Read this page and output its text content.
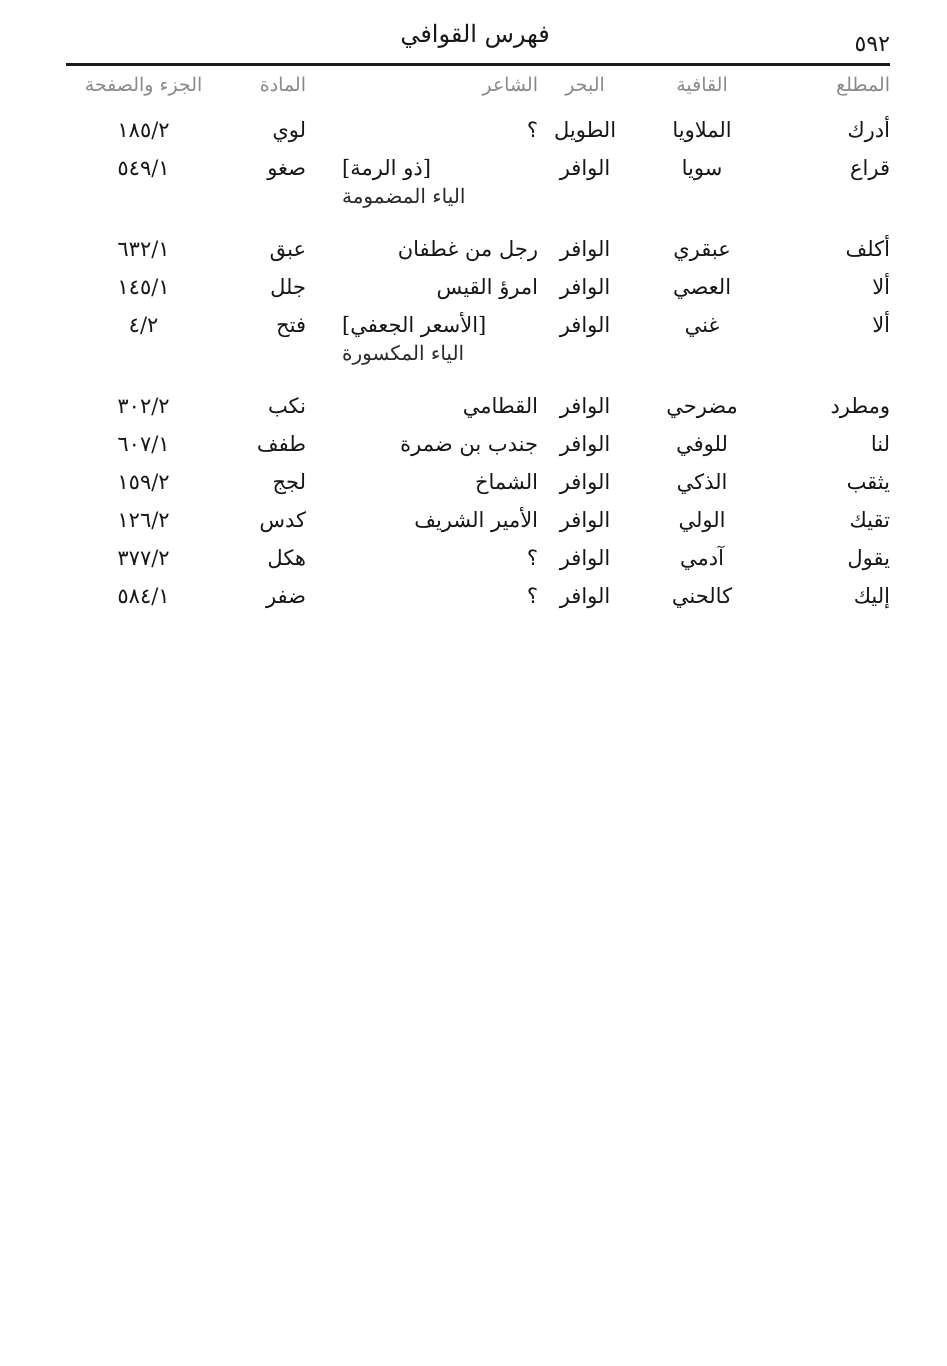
فهرس القوافي	٥٩٢
المطلع
القافية
البحر
الشاعر
المادة
الجزء والصفحة
أدرك
الملاويا
الطويل
؟
لوي
١٨٥/٢
قراع
سويا
الوافر
[ذو الرمة]
الياء المضمومة
صغو
٥٤٩/١
أكلف
عبقري
الوافر
رجل من غطفان
عبق
٦٣٢/١
ألا
العصي
الوافر
امرؤ القيس
جلل
١٤٥/١
ألا
غني
الوافر
[الأسعر الجعفي]
الياء المكسورة
فتح
٤/٢
ومطرد
مضرحي
الوافر
القطامي
نكب
٣٠٢/٢
لنا
للوفي
الوافر
جندب بن ضمرة
طفف
٦٠٧/١
يثقب
الذكي
الوافر
الشماخ
لجج
١٥٩/٢
تقيك
الولي
الوافر
الأمير الشريف
كدس
١٢٦/٢
يقول
آدمي
الوافر
؟
هكل
٣٧٧/٢
إليك
كالحني
الوافر
؟
ضفر
٥٨٤/١
